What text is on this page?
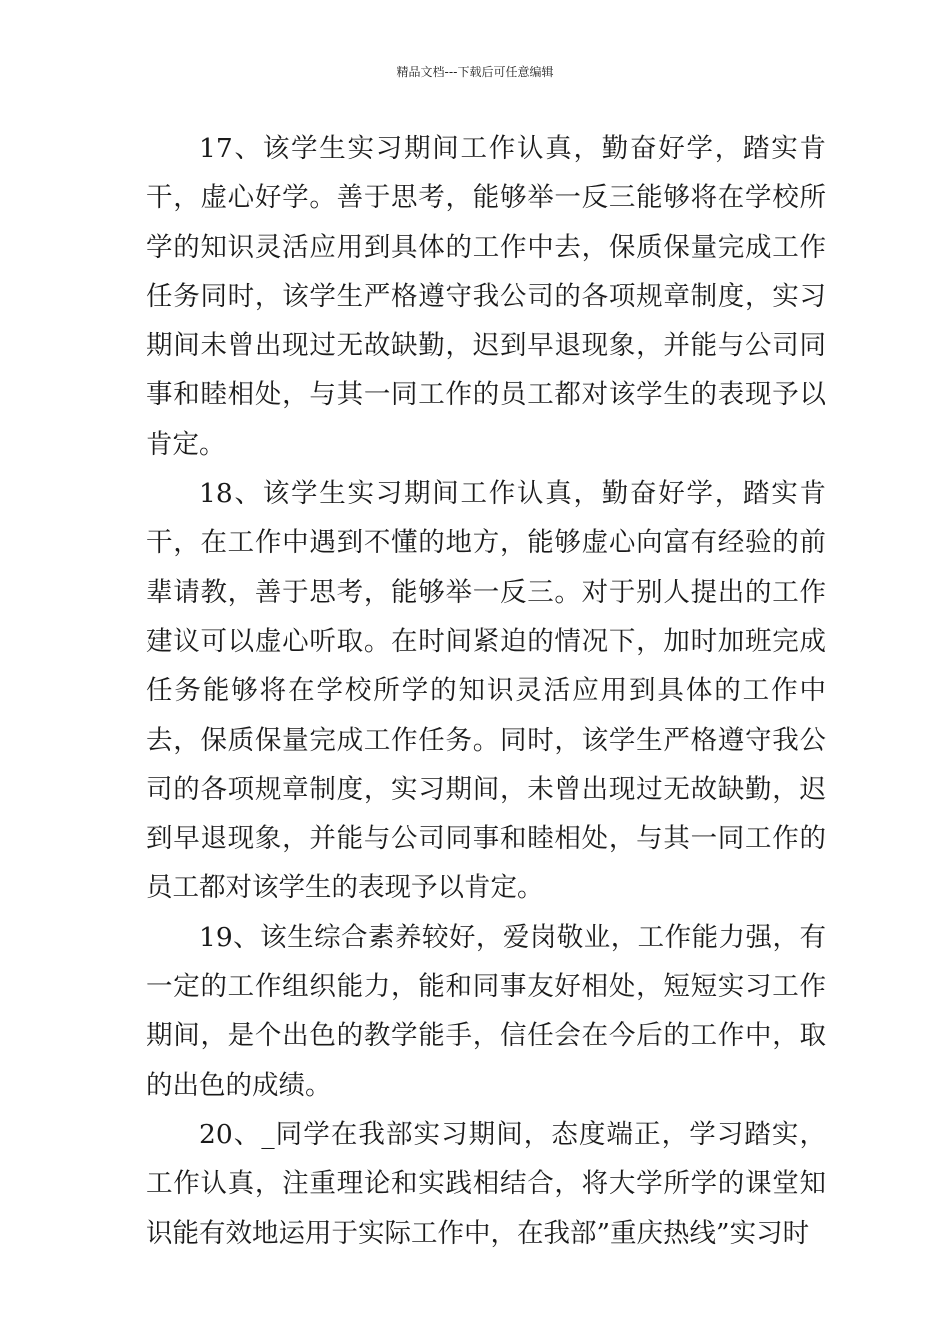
精品文档---下载后可任意编辑

17、该学生实习期间工作认真，勤奋好学，踏实肯干，虚心好学。善于思考，能够举一反三能够将在学校所学的知识灵活应用到具体的工作中去，保质保量完成工作任务同时，该学生严格遵守我公司的各项规章制度，实习期间未曾出现过无故缺勤，迟到早退现象，并能与公司同事和睦相处，与其一同工作的员工都对该学生的表现予以肯定。

18、该学生实习期间工作认真，勤奋好学，踏实肯干，在工作中遇到不懂的地方，能够虚心向富有经验的前辈请教，善于思考，能够举一反三。对于别人提出的工作建议可以虚心听取。在时间紧迫的情况下，加时加班完成任务能够将在学校所学的知识灵活应用到具体的工作中去，保质保量完成工作任务。同时，该学生严格遵守我公司的各项规章制度，实习期间，未曾出现过无故缺勤，迟到早退现象，并能与公司同事和睦相处，与其一同工作的员工都对该学生的表现予以肯定。

19、该生综合素养较好，爱岗敬业，工作能力强，有一定的工作组织能力，能和同事友好相处，短短实习工作期间，是个出色的教学能手，信任会在今后的工作中，取的出色的成绩。

20、_同学在我部实习期间，态度端正，学习踏实，工作认真，注重理论和实践相结合，将大学所学的课堂知识能有效地运用于实际工作中，在我部”重庆热线”实习时
